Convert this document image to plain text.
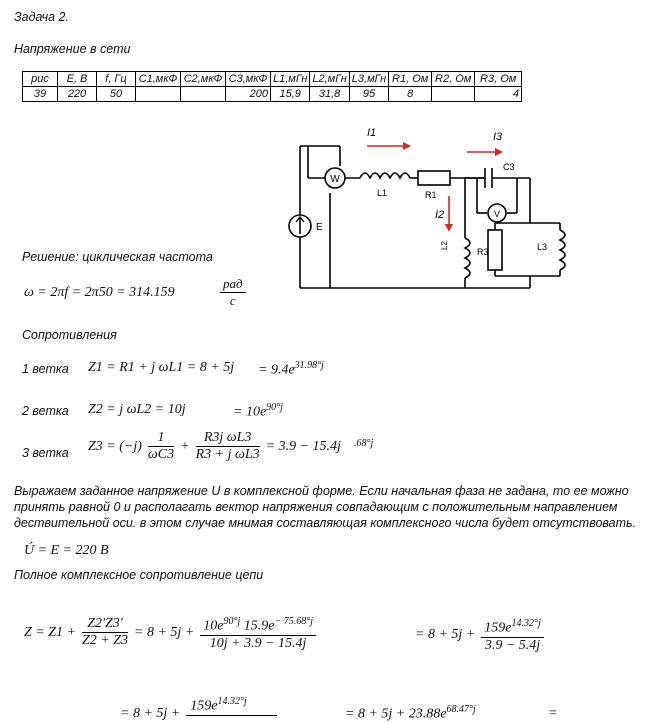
Задача 2.
Напряжение в сети
рис	Е, В	f, Гц	С1,мкФ	С2,мкФ	С3,мкФ	L1,мГн	L2,мГн	L3,мГн	R1, Ом	R2, Ом	R3, Ом
39	220	50			200	15,9	31,8	95	8		4
W
V
E
I1	I3
I2
L1	R1
C3
L2
R3	L3
Решение: циклическая частота
ω = 2πf = 2π50 = 314.159	$\frac{\text{рад}}{с}$
Сопротивления
1 ветка Z1 = R1 + j $\omega L1 = 8 + 5j = 9.4e^{31.98^\circ j}$
2 ветка Z2 = j ωL2 = 10j	= $10e^{90^\circ j}$
3 ветка $Z3 = (-j) \frac{1}{\omega C3} + \frac{\text{R3j ωL3}}{\text{R3 + j ωL3}} = 3.9 - 15.4j$ .68°j
Выражаем заданное напряжение U в комплексной форме. Если начальная фаза не задана, то ее можно
принять равной 0 и располагать вектор напряжения совпадающим с положительным направлением
дествительной оси. в этом случае мнимая составляющая комплексного числа будет отсутствовать.
Ú = E = 220 B
Полное комплексное сопротивление цепи
$Z = Z1 + \frac{Z2'Z3'}{Z2 + Z3} = 8 + 5j + \frac{10e^{90^\circ j} 15.9e^{- 75.68^\circ j}}{10j + 3.9 - 15.4j}$	= $8 + 5j + \frac{159e^{14.32^\circ j}}{3.9 - 5.4j}$
= $8 + 5j + 159e^{14.32^\circ j}$
= $8 + 5j + 23.88e^{68.47^\circ j}$	=
